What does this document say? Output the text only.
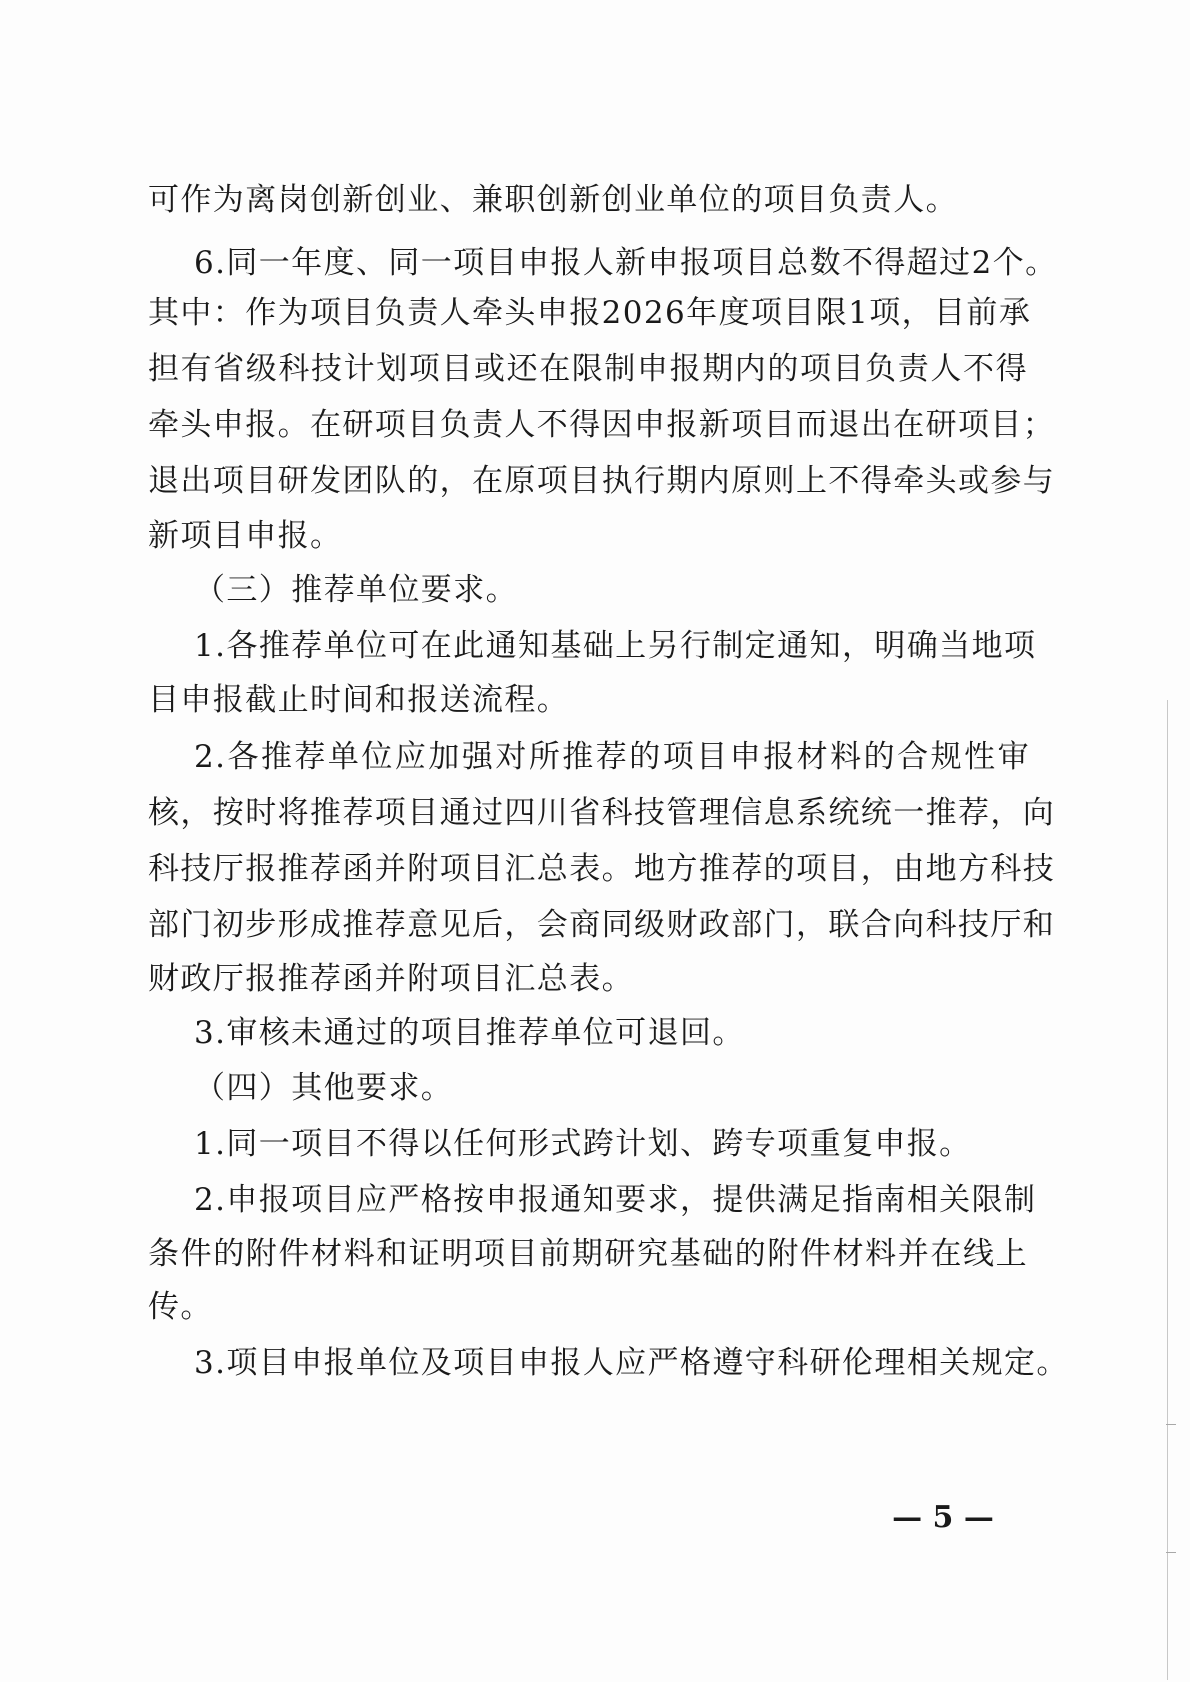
可作为离岗创新创业、兼职创新创业单位的项目负责人。
6.同一年度、同一项目申报人新申报项目总数不得超过2个。
其中：作为项目负责人牵头申报2026年度项目限1项，目前承
担有省级科技计划项目或还在限制申报期内的项目负责人不得
牵头申报。在研项目负责人不得因申报新项目而退出在研项目；
退出项目研发团队的，在原项目执行期内原则上不得牵头或参与
新项目申报。
（三）推荐单位要求。
1.各推荐单位可在此通知基础上另行制定通知，明确当地项
目申报截止时间和报送流程。
2.各推荐单位应加强对所推荐的项目申报材料的合规性审
核，按时将推荐项目通过四川省科技管理信息系统统一推荐，向
科技厅报推荐函并附项目汇总表。地方推荐的项目，由地方科技
部门初步形成推荐意见后，会商同级财政部门，联合向科技厅和
财政厅报推荐函并附项目汇总表。
3.审核未通过的项目推荐单位可退回。
（四）其他要求。
1.同一项目不得以任何形式跨计划、跨专项重复申报。
2.申报项目应严格按申报通知要求，提供满足指南相关限制
条件的附件材料和证明项目前期研究基础的附件材料并在线上
传。
3.项目申报单位及项目申报人应严格遵守科研伦理相关规定。
— 5 —
